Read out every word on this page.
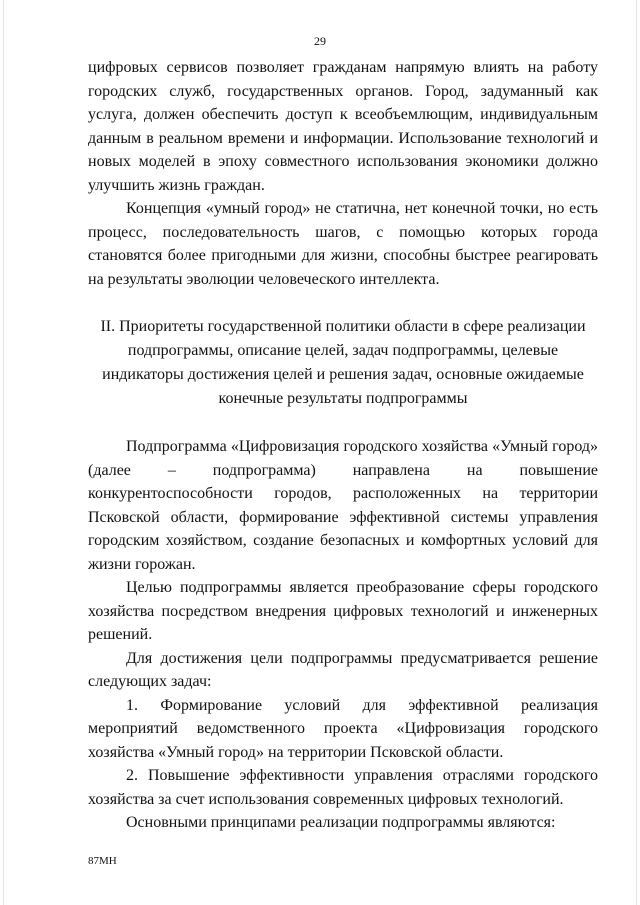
29

цифровых сервисов позволяет гражданам напрямую влиять на работу городских служб, государственных органов. Город, задуманный как услуга, должен обеспечить доступ к всеобъемлющим, индивидуальным данным в реальном времени и информации. Использование технологий и новых моделей в эпоху совместного использования экономики должно улучшить жизнь граждан.

Концепция «умный город» не статична, нет конечной точки, но есть процесс, последовательность шагов, с помощью которых города становятся более пригодными для жизни, способны быстрее реагировать на результаты эволюции человеческого интеллекта.

II. Приоритеты государственной политики области в сфере реализации подпрограммы, описание целей, задач подпрограммы, целевые индикаторы достижения целей и решения задач, основные ожидаемые конечные результаты подпрограммы

Подпрограмма «Цифровизация городского хозяйства «Умный город» (далее – подпрограмма) направлена на повышение конкурентоспособности городов, расположенных на территории Псковской области, формирование эффективной системы управления городским хозяйством, создание безопасных и комфортных условий для жизни горожан.

Целью подпрограммы является преобразование сферы городского хозяйства посредством внедрения цифровых технологий и инженерных решений.

Для достижения цели подпрограммы предусматривается решение следующих задач:

1. Формирование условий для эффективной реализация мероприятий ведомственного проекта «Цифровизация городского хозяйства «Умный город» на территории Псковской области.

2. Повышение эффективности управления отраслями городского хозяйства за счет использования современных цифровых технологий.

Основными принципами реализации подпрограммы являются:

87МН
